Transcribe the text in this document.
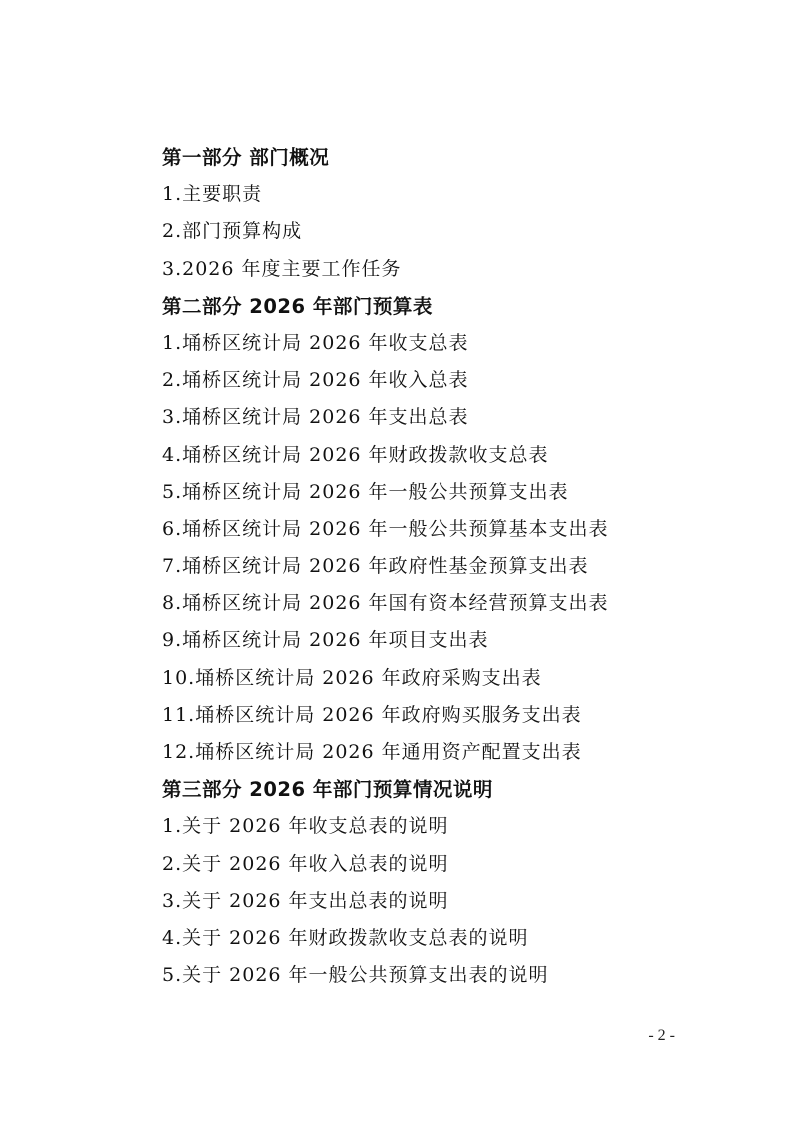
第一部分 部门概况
1.主要职责
2.部门预算构成
3.2026 年度主要工作任务
第二部分 2026 年部门预算表
1.埇桥区统计局 2026 年收支总表
2.埇桥区统计局 2026 年收入总表
3.埇桥区统计局 2026 年支出总表
4.埇桥区统计局 2026 年财政拨款收支总表
5.埇桥区统计局 2026 年一般公共预算支出表
6.埇桥区统计局 2026 年一般公共预算基本支出表
7.埇桥区统计局 2026 年政府性基金预算支出表
8.埇桥区统计局 2026 年国有资本经营预算支出表
9.埇桥区统计局 2026 年项目支出表
10.埇桥区统计局 2026 年政府采购支出表
11.埇桥区统计局 2026 年政府购买服务支出表
12.埇桥区统计局 2026 年通用资产配置支出表
第三部分 2026 年部门预算情况说明
1.关于 2026 年收支总表的说明
2.关于 2026 年收入总表的说明
3.关于 2026 年支出总表的说明
4.关于 2026 年财政拨款收支总表的说明
5.关于 2026 年一般公共预算支出表的说明
- 2 -
